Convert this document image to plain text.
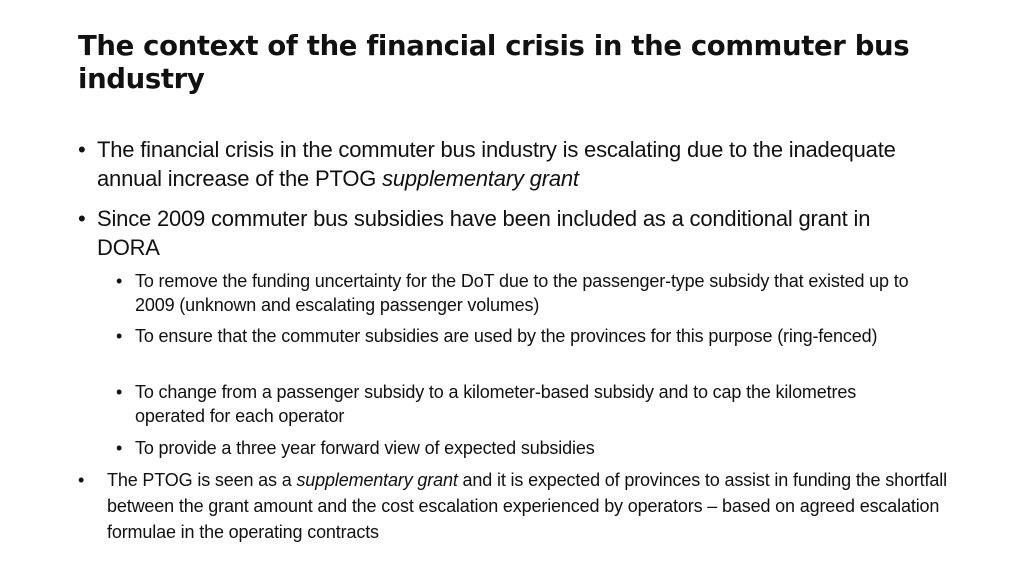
The context of the financial crisis in the commuter bus industry
• The financial crisis in the commuter bus industry is escalating due to the inadequate annual increase of the PTOG supplementary grant
• Since 2009 commuter bus subsidies have been included as a conditional grant in DORA
• To remove the funding uncertainty for the DoT due to the passenger-type subsidy that existed up to 2009 (unknown and escalating passenger volumes)
• To ensure that the commuter subsidies are used by the provinces for this purpose (ring-fenced)
• To change from a passenger subsidy to a kilometer-based subsidy and to cap the kilometres operated for each operator
• To provide a three year forward view of expected subsidies
• The PTOG is seen as a supplementary grant and it is expected of provinces to assist in funding the shortfall between the grant amount and the cost escalation experienced by operators – based on agreed escalation formulae in the operating contracts
